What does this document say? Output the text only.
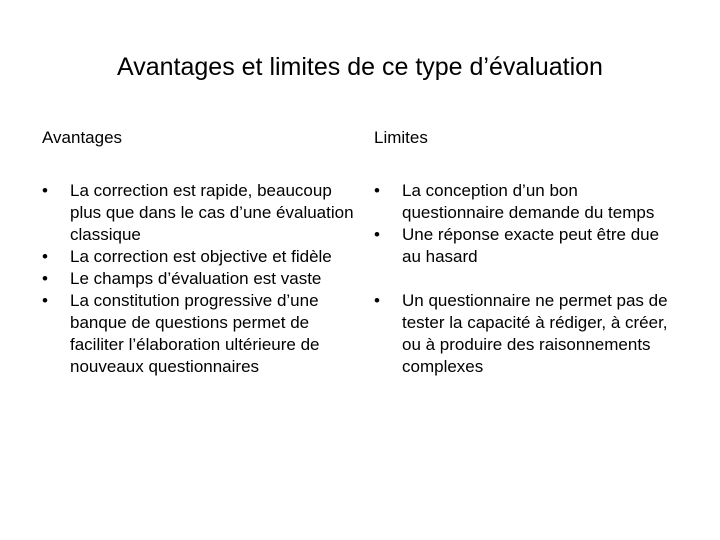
Avantages et limites de ce type d’évaluation
Avantages
•	La correction est rapide, beaucoup plus que dans le cas d’une évaluation classique
•	La correction est objective et fidèle
•	Le champs d’évaluation est vaste
•	La constitution progressive d’une banque de questions permet de faciliter l’élaboration ultérieure de nouveaux questionnaires
Limites
•	La conception d’un bon questionnaire demande du temps
•	Une réponse exacte peut être due au hasard
•	Un questionnaire ne permet pas de tester la capacité à rédiger, à créer, ou à produire des raisonnements complexes
